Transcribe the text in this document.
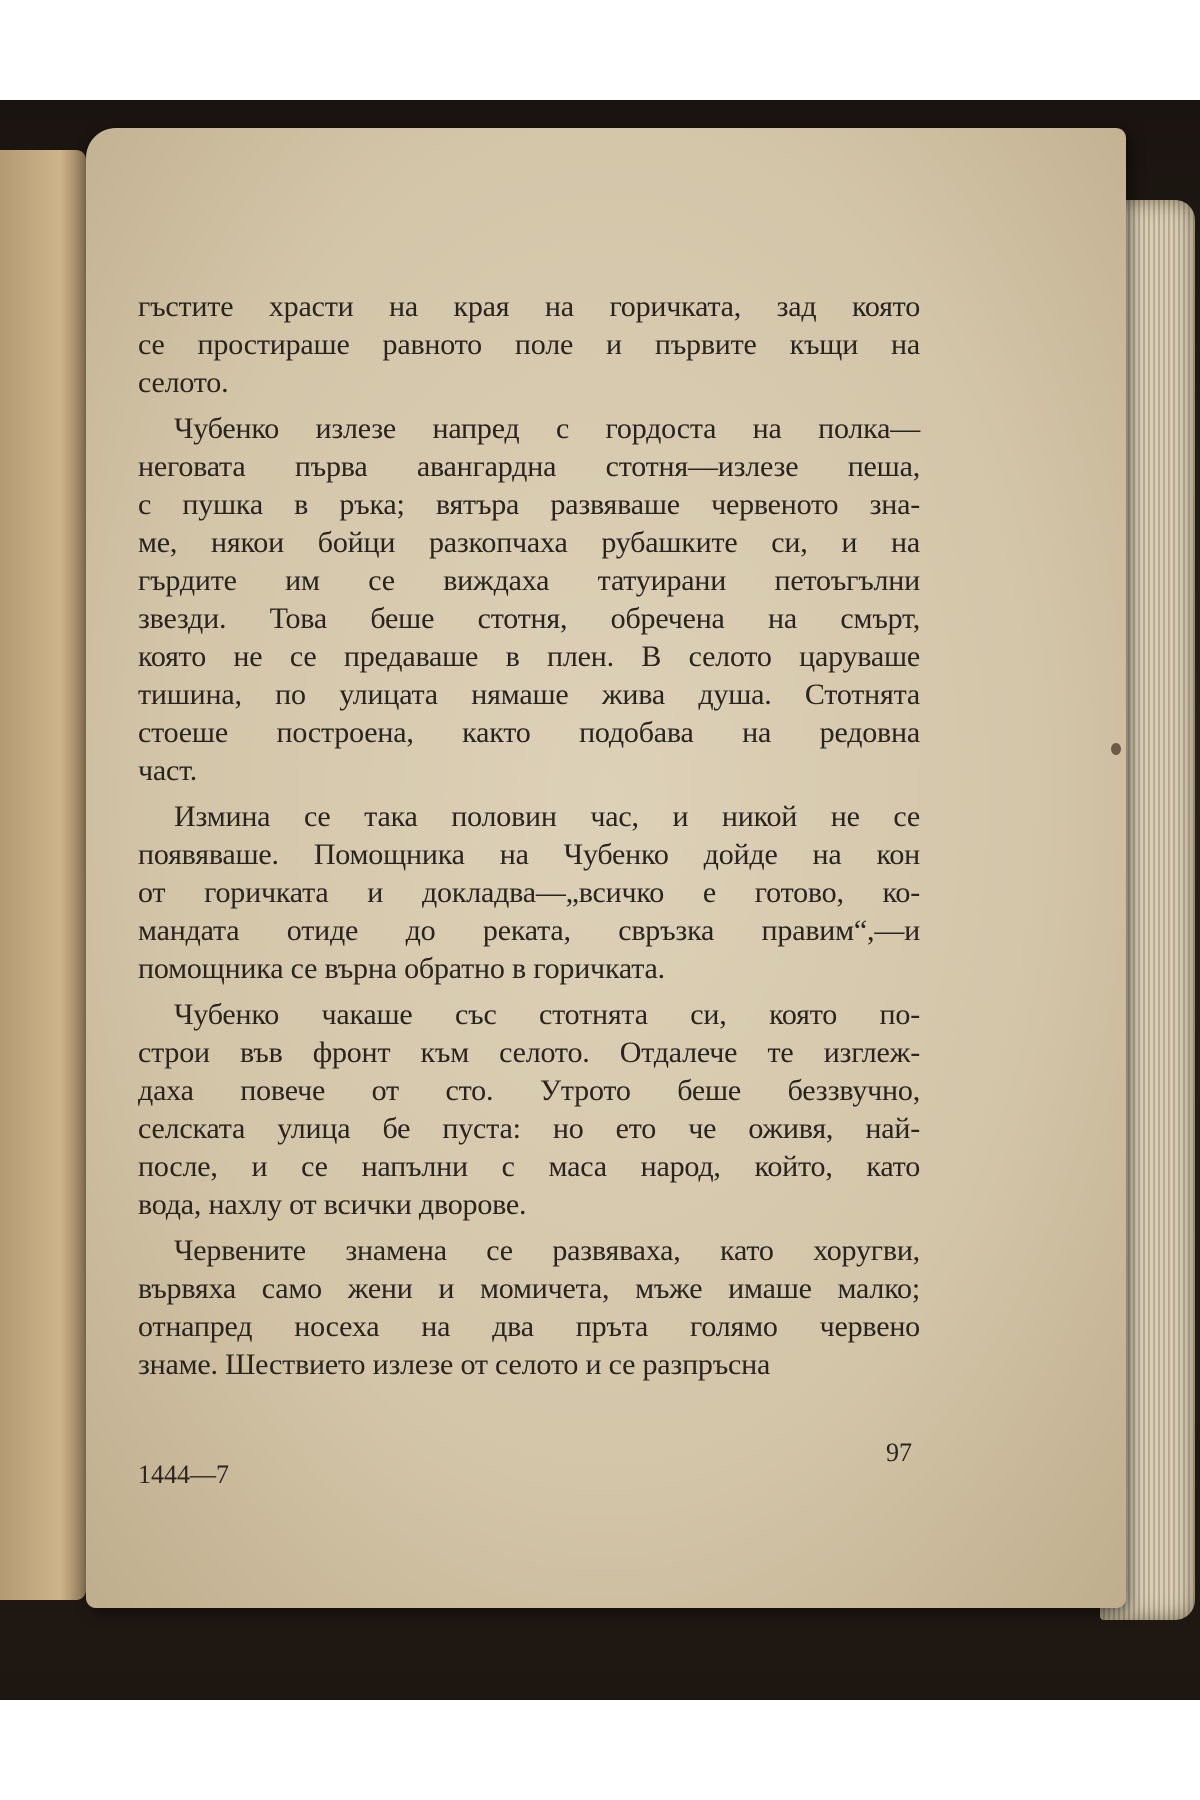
гъстите храсти на края на горичката, зад която
се простираше равното поле и първите къщи на
селото.
Чубенко излезе напред с гордоста на полка—
неговата първа авангардна стотня—излезе пеша,
с пушка в ръка; вятъра развяваше червеното зна-
ме, някои бойци разкопчаха рубашките си, и на
гърдите им се виждаха татуирани петоъгълни
звезди. Това беше стотня, обречена на смърт,
която не се предаваше в плен. В селото царуваше
тишина, по улицата нямаше жива душа. Стотнята
стоеше построена, както подобава на редовна
част.
Измина се така половин час, и никой не се
появяваше. Помощника на Чубенко дойде на кон
от горичката и докладва—„всичко е готово, ко-
мандата отиде до реката, свръзка правим“,—и
помощника се върна обратно в горичката.
Чубенко чакаше със стотнята си, която по-
строи във фронт към селото. Отдалече те изглеж-
даха повече от сто. Утрото беше беззвучно,
селската улица бе пуста: но ето че оживя, най-
после, и се напълни с маса народ, който, като
вода, нахлу от всички дворове.
Червените знамена се развяваха, като хоругви,
вървяха само жени и момичета, мъже имаше малко;
отнапред носеха на два пръта голямо червено
знаме. Шествието излезе от селото и се разпръсна
1444—7
97
